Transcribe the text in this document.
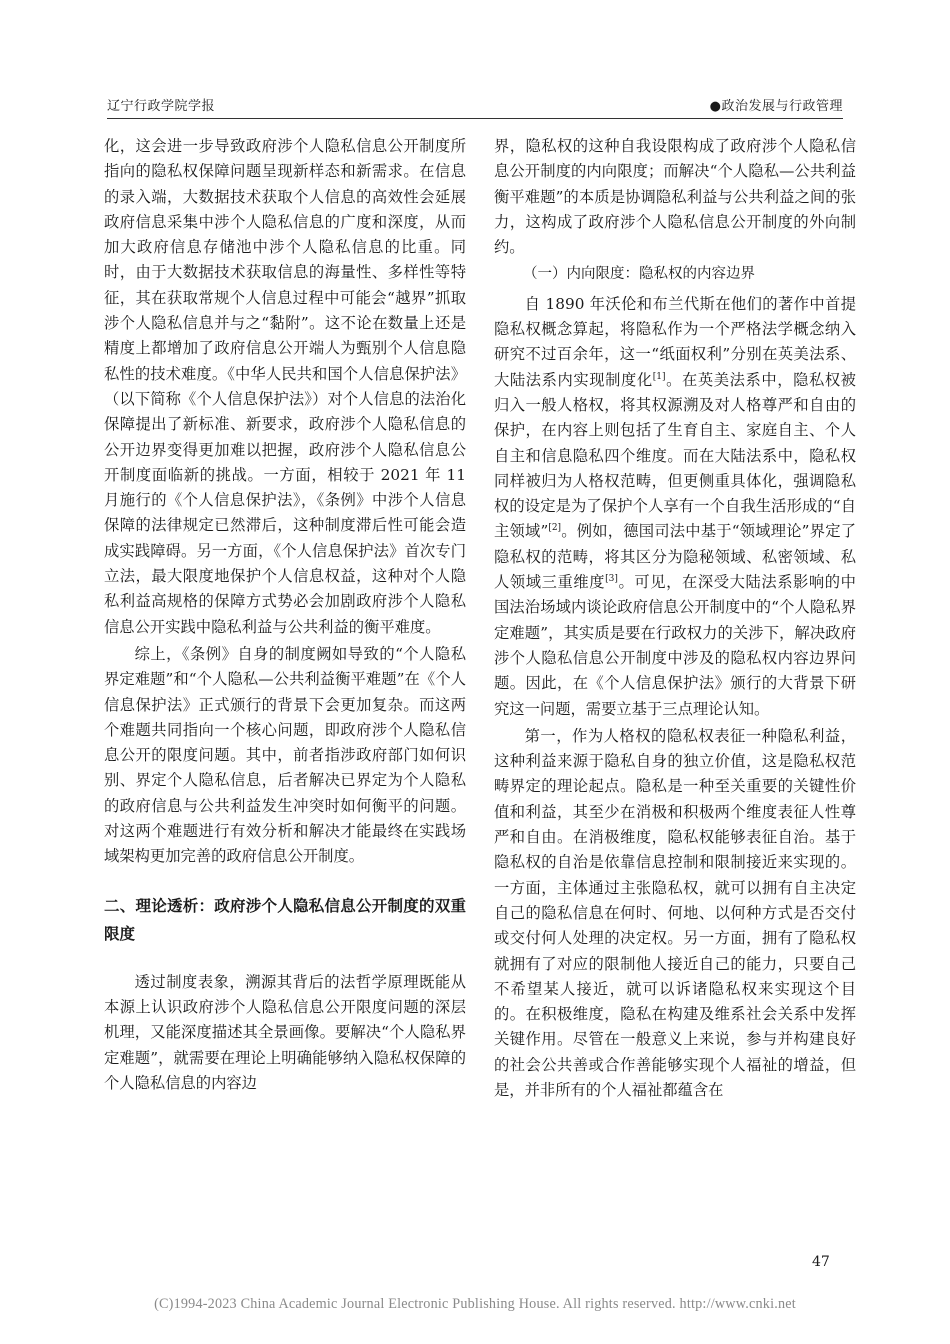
辽宁行政学院学报	●政治发展与行政管理

化，这会进一步导致政府涉个人隐私信息公开制度所指向的隐私权保障问题呈现新样态和新需求。在信息的录入端，大数据技术获取个人信息的高效性会延展政府信息采集中涉个人隐私信息的广度和深度，从而加大政府信息存储池中涉个人隐私信息的比重。同时，由于大数据技术获取信息的海量性、多样性等特征，其在获取常规个人信息过程中可能会“越界”抓取涉个人隐私信息并与之“黏附”。这不论在数量上还是精度上都增加了政府信息公开端人为甄别个人信息隐私性的技术难度。《中华人民共和国个人信息保护法》（以下简称《个人信息保护法》）对个人信息的法治化保障提出了新标准、新要求，政府涉个人隐私信息的公开边界变得更加难以把握，政府涉个人隐私信息公开制度面临新的挑战。一方面，相较于 2021 年 11 月施行的《个人信息保护法》，《条例》中涉个人信息保障的法律规定已然滞后，这种制度滞后性可能会造成实践障碍。另一方面，《个人信息保护法》首次专门立法，最大限度地保护个人信息权益，这种对个人隐私利益高规格的保障方式势必会加剧政府涉个人隐私信息公开实践中隐私利益与公共利益的衡平难度。

综上，《条例》自身的制度阙如导致的“个人隐私界定难题”和“个人隐私—公共利益衡平难题”在《个人信息保护法》正式颁行的背景下会更加复杂。而这两个难题共同指向一个核心问题，即政府涉个人隐私信息公开的限度问题。其中，前者指涉政府部门如何识别、界定个人隐私信息，后者解决已界定为个人隐私的政府信息与公共利益发生冲突时如何衡平的问题。对这两个难题进行有效分析和解决才能最终在实践场域架构更加完善的政府信息公开制度。

二、理论透析：政府涉个人隐私信息公开制度的双重限度

透过制度表象，溯源其背后的法哲学原理既能从本源上认识政府涉个人隐私信息公开限度问题的深层机理，又能深度描述其全景画像。要解决“个人隐私界定难题”，就需要在理论上明确能够纳入隐私权保障的个人隐私信息的内容边

界，隐私权的这种自我设限构成了政府涉个人隐私信息公开制度的内向限度；而解决“个人隐私—公共利益衡平难题”的本质是协调隐私利益与公共利益之间的张力，这构成了政府涉个人隐私信息公开制度的外向制约。

（一）内向限度：隐私权的内容边界

自 1890 年沃伦和布兰代斯在他们的著作中首提隐私权概念算起，将隐私作为一个严格法学概念纳入研究不过百余年，这一“纸面权利”分别在英美法系、大陆法系内实现制度化[1]。在英美法系中，隐私权被归入一般人格权，将其权源溯及对人格尊严和自由的保护，在内容上则包括了生育自主、家庭自主、个人自主和信息隐私四个维度。而在大陆法系中，隐私权同样被归为人格权范畴，但更侧重具体化，强调隐私权的设定是为了保护个人享有一个自我生活形成的“自主领域”[2]。例如，德国司法中基于“领域理论”界定了隐私权的范畴，将其区分为隐秘领域、私密领域、私人领域三重维度[3]。可见，在深受大陆法系影响的中国法治场域内谈论政府信息公开制度中的“个人隐私界定难题”，其实质是要在行政权力的关涉下，解决政府涉个人隐私信息公开制度中涉及的隐私权内容边界问题。因此，在《个人信息保护法》颁行的大背景下研究这一问题，需要立基于三点理论认知。

第一，作为人格权的隐私权表征一种隐私利益，这种利益来源于隐私自身的独立价值，这是隐私权范畴界定的理论起点。隐私是一种至关重要的关键性价值和利益，其至少在消极和积极两个维度表征人性尊严和自由。在消极维度，隐私权能够表征自治。基于隐私权的自治是依靠信息控制和限制接近来实现的。一方面，主体通过主张隐私权，就可以拥有自主决定自己的隐私信息在何时、何地、以何种方式是否交付或交付何人处理的决定权。另一方面，拥有了隐私权就拥有了对应的限制他人接近自己的能力，只要自己不希望某人接近，就可以诉诸隐私权来实现这个目的。在积极维度，隐私在构建及维系社会关系中发挥关键作用。尽管在一般意义上来说，参与并构建良好的社会公共善或合作善能够实现个人福祉的增益，但是，并非所有的个人福祉都蕴含在

47
(C)1994-2023 China Academic Journal Electronic Publishing House. All rights reserved. http://www.cnki.net
